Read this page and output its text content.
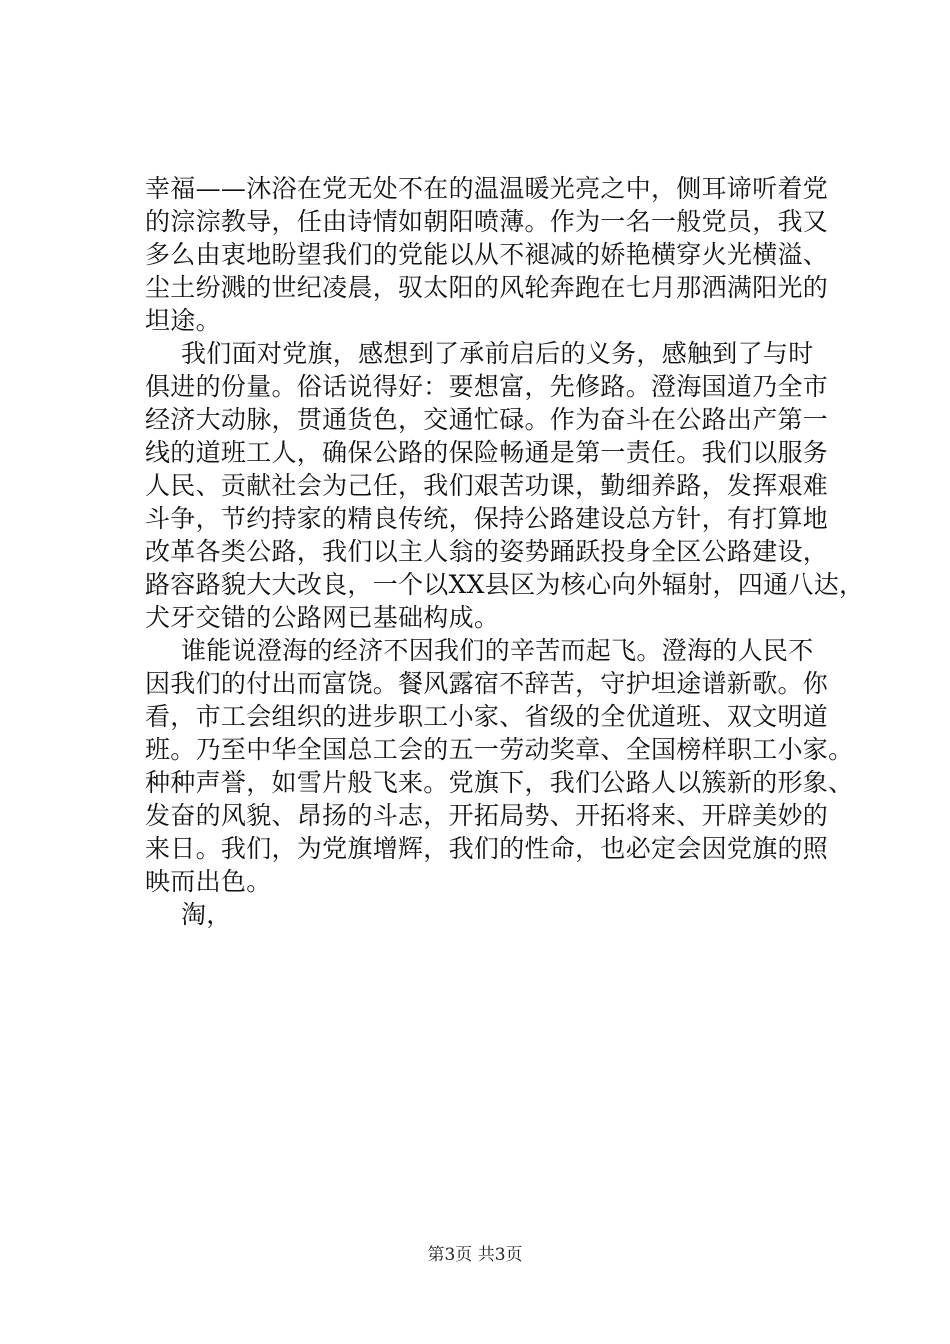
幸福——沐浴在党无处不在的温温暖光亮之中，侧耳谛听着党
的淙淙教导，任由诗情如朝阳喷薄。作为一名一般党员，我又
多么由衷地盼望我们的党能以从不褪减的娇艳横穿火光横溢、
尘土纷溅的世纪凌晨，驭太阳的风轮奔跑在七月那洒满阳光的
坦途。
我们面对党旗，感想到了承前启后的义务，感触到了与时
俱进的份量。俗话说得好：要想富，先修路。澄海国道乃全市
经济大动脉，贯通货色，交通忙碌。作为奋斗在公路出产第一
线的道班工人，确保公路的保险畅通是第一责任。我们以服务
人民、贡献社会为己任，我们艰苦功课，勤细养路，发挥艰难
斗争，节约持家的精良传统，保持公路建设总方针，有打算地
改革各类公路，我们以主人翁的姿势踊跃投身全区公路建设，
路容路貌大大改良，一个以XX县区为核心向外辐射，四通八达，
犬牙交错的公路网已基础构成。
谁能说澄海的经济不因我们的辛苦而起飞。澄海的人民不
因我们的付出而富饶。餐风露宿不辞苦，守护坦途谱新歌。你
看，市工会组织的进步职工小家、省级的全优道班、双文明道
班。乃至中华全国总工会的五一劳动奖章、全国榜样职工小家。
种种声誉，如雪片般飞来。党旗下，我们公路人以簇新的形象、
发奋的风貌、昂扬的斗志，开拓局势、开拓将来、开辟美妙的
来日。我们，为党旗增辉，我们的性命，也必定会因党旗的照
映而出色。
淘，
第3页 共3页
